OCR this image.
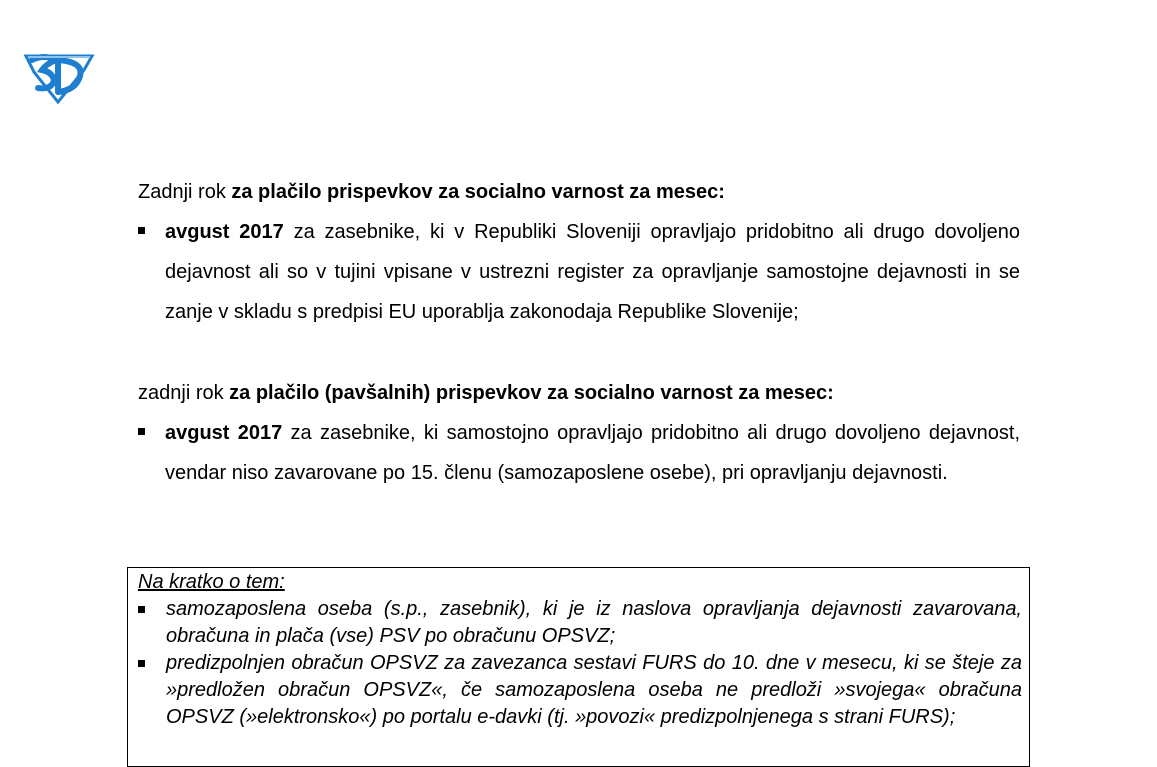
Zadnji rok za plačilo prispevkov za socialno varnost za mesec:
avgust 2017 za zasebnike, ki v Republiki Sloveniji opravljajo pridobitno ali drugo dovoljeno dejavnost ali so v tujini vpisane v ustrezni register za opravljanje samostojne dejavnosti in se zanje v skladu s predpisi EU uporablja zakonodaja Republike Slovenije;
zadnji rok za plačilo (pavšalnih) prispevkov za socialno varnost za mesec:
avgust 2017 za zasebnike, ki samostojno opravljajo pridobitno ali drugo dovoljeno dejavnost, vendar niso zavarovane po 15. členu (samozaposlene osebe), pri opravljanju dejavnosti.
Na kratko o tem:
samozaposlena oseba (s.p., zasebnik), ki je iz naslova opravljanja dejavnosti zavarovana, obračuna in plača (vse) PSV po obračunu OPSVZ;
predizpolnjen obračun OPSVZ za zavezanca sestavi FURS do 10. dne v mesecu, ki se šteje za »predložen obračun OPSVZ«, če samozaposlena oseba ne predloži »svojega« obračuna OPSVZ (»elektronsko«) po portalu e-davki (tj. »povozi« predizpolnjenega s strani FURS);
